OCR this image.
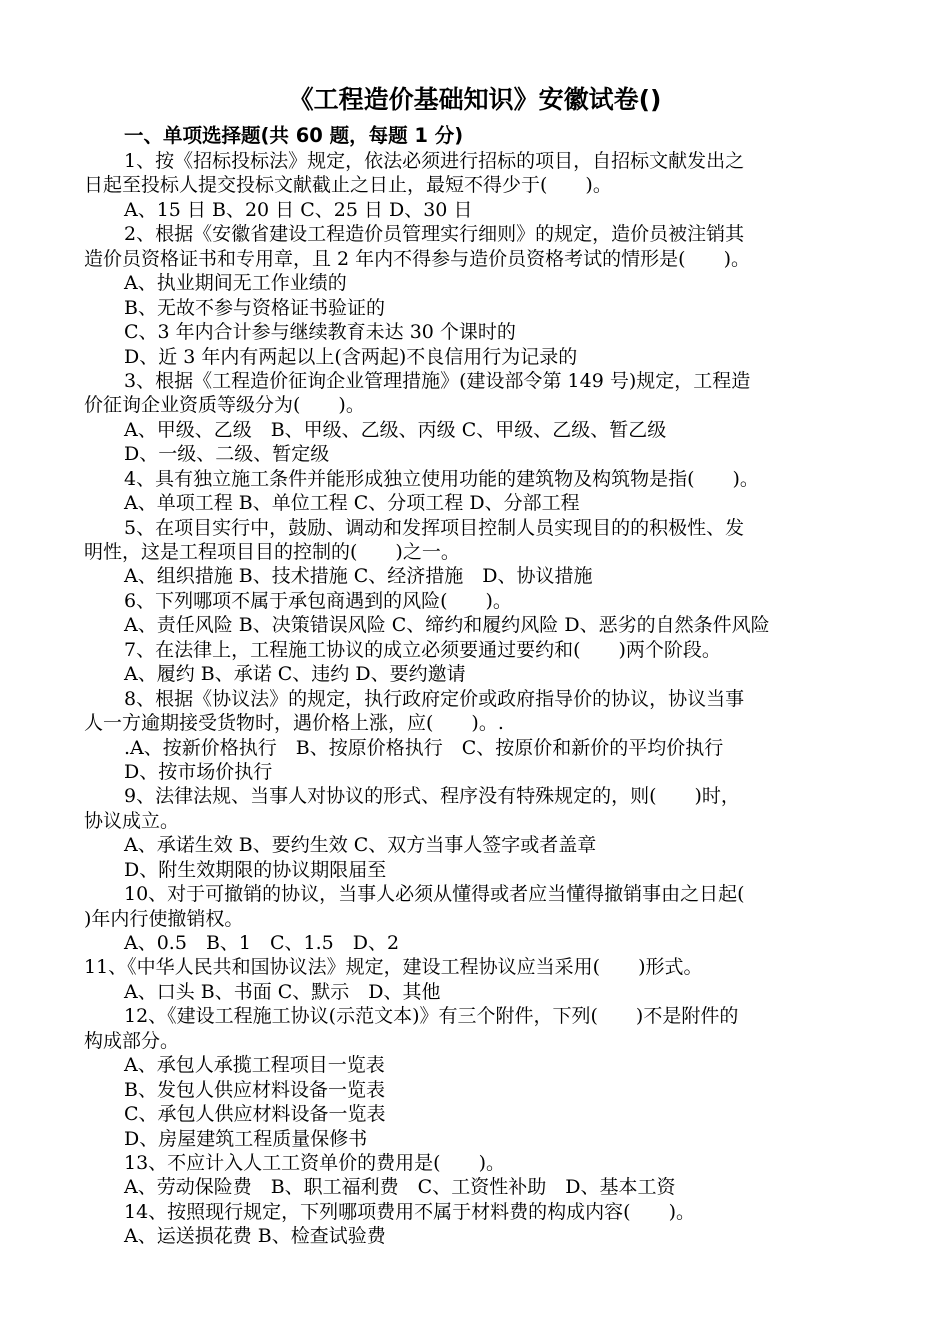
《工程造价基础知识》安徽试卷()
一、单项选择题(共 60 题，每题 1 分)
1、按《招标投标法》规定，依法必须进行招标的项目，自招标文献发出之
日起至投标人提交投标文献截止之日止，最短不得少于(　　)。
A、15 日 B、20 日 C、25 日 D、30 日
2、根据《安徽省建设工程造价员管理实行细则》的规定，造价员被注销其
造价员资格证书和专用章，且 2 年内不得参与造价员资格考试的情形是(　　)。
A、执业期间无工作业绩的
B、无故不参与资格证书验证的
C、3 年内合计参与继续教育未达 30 个课时的
D、近 3 年内有两起以上(含两起)不良信用行为记录的
3、根据《工程造价征询企业管理措施》(建设部令第 149 号)规定，工程造
价征询企业资质等级分为(　　)。
A、甲级、乙级　B、甲级、乙级、丙级 C、甲级、乙级、暂乙级
D、一级、二级、暂定级
4、具有独立施工条件并能形成独立使用功能的建筑物及构筑物是指(　　)。
A、单项工程 B、单位工程 C、分项工程 D、分部工程
5、在项目实行中，鼓励、调动和发挥项目控制人员实现目的的积极性、发
明性，这是工程项目目的控制的(　　)之一。
A、组织措施 B、技术措施 C、经济措施　D、协议措施
6、下列哪项不属于承包商遇到的风险(　　)。
A、责任风险 B、决策错误风险 C、缔约和履约风险 D、恶劣的自然条件风险
7、在法律上，工程施工协议的成立必须要通过要约和(　　)两个阶段。
A、履约 B、承诺 C、违约 D、要约邀请
8、根据《协议法》的规定，执行政府定价或政府指导价的协议，协议当事
人一方逾期接受货物时，遇价格上涨，应(　　)。.
.A、按新价格执行　B、按原价格执行　C、按原价和新价的平均价执行
D、按市场价执行
9、法律法规、当事人对协议的形式、程序没有特殊规定的，则(　　)时，
协议成立。
A、承诺生效 B、要约生效 C、双方当事人签字或者盖章
D、附生效期限的协议期限届至
10、对于可撤销的协议，当事人必须从懂得或者应当懂得撤销事由之日起(
)年内行使撤销权。
A、0.5　B、1　C、1.5　D、2
11、《中华人民共和国协议法》规定，建设工程协议应当采用(　　)形式。
A、口头 B、书面 C、默示　D、其他
12、《建设工程施工协议(示范文本)》有三个附件，下列(　　)不是附件的
构成部分。
A、承包人承揽工程项目一览表
B、发包人供应材料设备一览表
C、承包人供应材料设备一览表
D、房屋建筑工程质量保修书
13、不应计入人工工资单价的费用是(　　)。
A、劳动保险费　B、职工福利费　C、工资性补助　D、基本工资
14、按照现行规定，下列哪项费用不属于材料费的构成内容(　　)。
A、运送损花费 B、检查试验费
